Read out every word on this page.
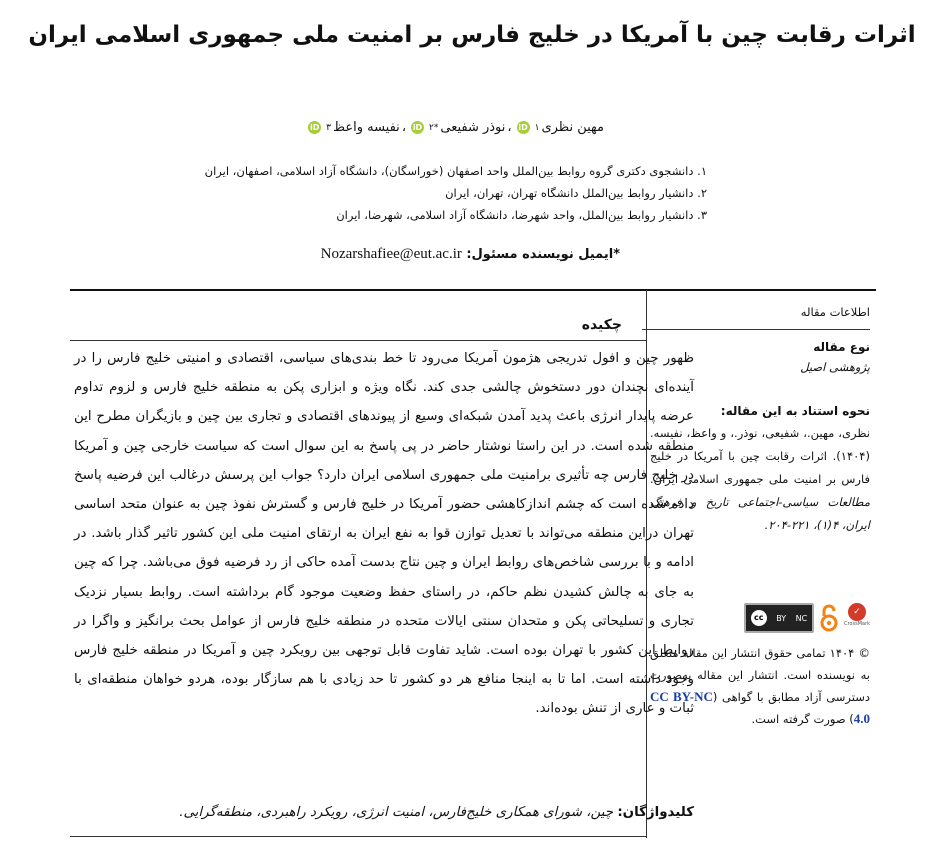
اثرات رقابت چین با آمریکا در خلیج فارس بر امنیت ملی جمهوری اسلامی ایران
مهین نظری
۱
iD
،
نوذر شفیعی
*۲
iD
،
نفیسه واعظ
۳
iD
۱. دانشجوی دکتری گروه روابط بین‌الملل واحد اصفهان (خوراسگان)، دانشگاه آزاد اسلامی، اصفهان، ایران
۲. دانشیار روابط بین‌الملل دانشگاه تهران، تهران، ایران
۳. دانشیار روابط بین‌الملل، واحد شهرضا، دانشگاه آزاد اسلامی، شهرضا، ایران
*ایمیل نویسنده مسئول: Nozarshafiee@eut.ac.ir
چکیده
ظهور چین و افول تدریجی هژمون آمریکا می‌رود تا خط بندی‌های سیاسی، اقتصادی و امنیتی خلیج فارس را در آینده‌ای نچندان دور دستخوش چالشی جدی کند. نگاه ویژه و ابزاری پکن به منطقه خلیج فارس و لزوم تداوم عرضه پایدار انرژی باعث پدید آمدن شبکه‌ای وسیع از پیوندهای اقتصادی و تجاری بین چین و بازیگران مطرح این منطقه شده است. در این راستا نوشتار حاضر در پی پاسخ به این سوال است که سیاست خارجی چین و آمریکا در خلیج فارس چه تأثیری برامنیت ملی جمهوری اسلامی ایران دارد؟ جواب این پرسش درغالب این فرضیه پاسخ داده شده است که چشم اندازکاهشی حضور آمریکا در خلیج فارس و گسترش نفوذ چین به عنوان متحد اساسی تهران دراین منطقه می‌تواند با تعدیل توازن قوا به نفع ایران به ارتقای امنیت ملی این کشور تاثیر گذار باشد. در ادامه و با بررسی شاخص‌های روابط ایران و چین نتاج بدست آمده حاکی از رد فرضیه فوق می‌باشد. چرا که چین به جای به چالش کشیدن نظم حاکم، در راستای حفظ وضعیت موجود گام برداشته است. روابط بسیار نزدیک تجاری و تسلیحاتی پکن و متحدان سنتی ایالات متحده در منطقه خلیج فارس از عوامل بحث برانگیز و واگرا در روابط این کشور با تهران بوده است. شاید تفاوت قابل توجهی بین رویکرد چین و آمریکا در منطقه خلیج فارس وجود داشته است. اما تا به اینجا منافع هر دو کشور تا حد زیادی با هم سازگار بوده، هردو خواهان منطقه‌ای با ثبات و عاری از تنش بوده‌اند.
کلیدواژگان: چین، شورای همکاری خلیج‌فارس، امنیت انرژی، رویکرد راهبردی، منطقه‌گرایی.
اطلاعات مقاله
نوع مقاله
پژوهشی اصیل
نحوه استناد به این مقاله:
نظری، مهین.، شفیعی، نوذر.، و واعظ، نفیسه. (۱۴۰۴). اثرات رقابت چین با آمریکا در خلیج فارس بر امنیت ملی جمهوری اسلامی ایران. مطالعات سیاسی-اجتماعی تاریخ و فرهنگ ایران، ۴(۱)، ۲۲۱-۲۰۴.
cc	BY NC
✓
CrossMark
© ۱۴۰۴ تمامی حقوق انتشار این مقاله متعلق به نویسنده است. انتشار این مقاله به‌صورت دسترسی آزاد مطابق با گواهی (CC BY-NC 4.0) صورت گرفته است.
